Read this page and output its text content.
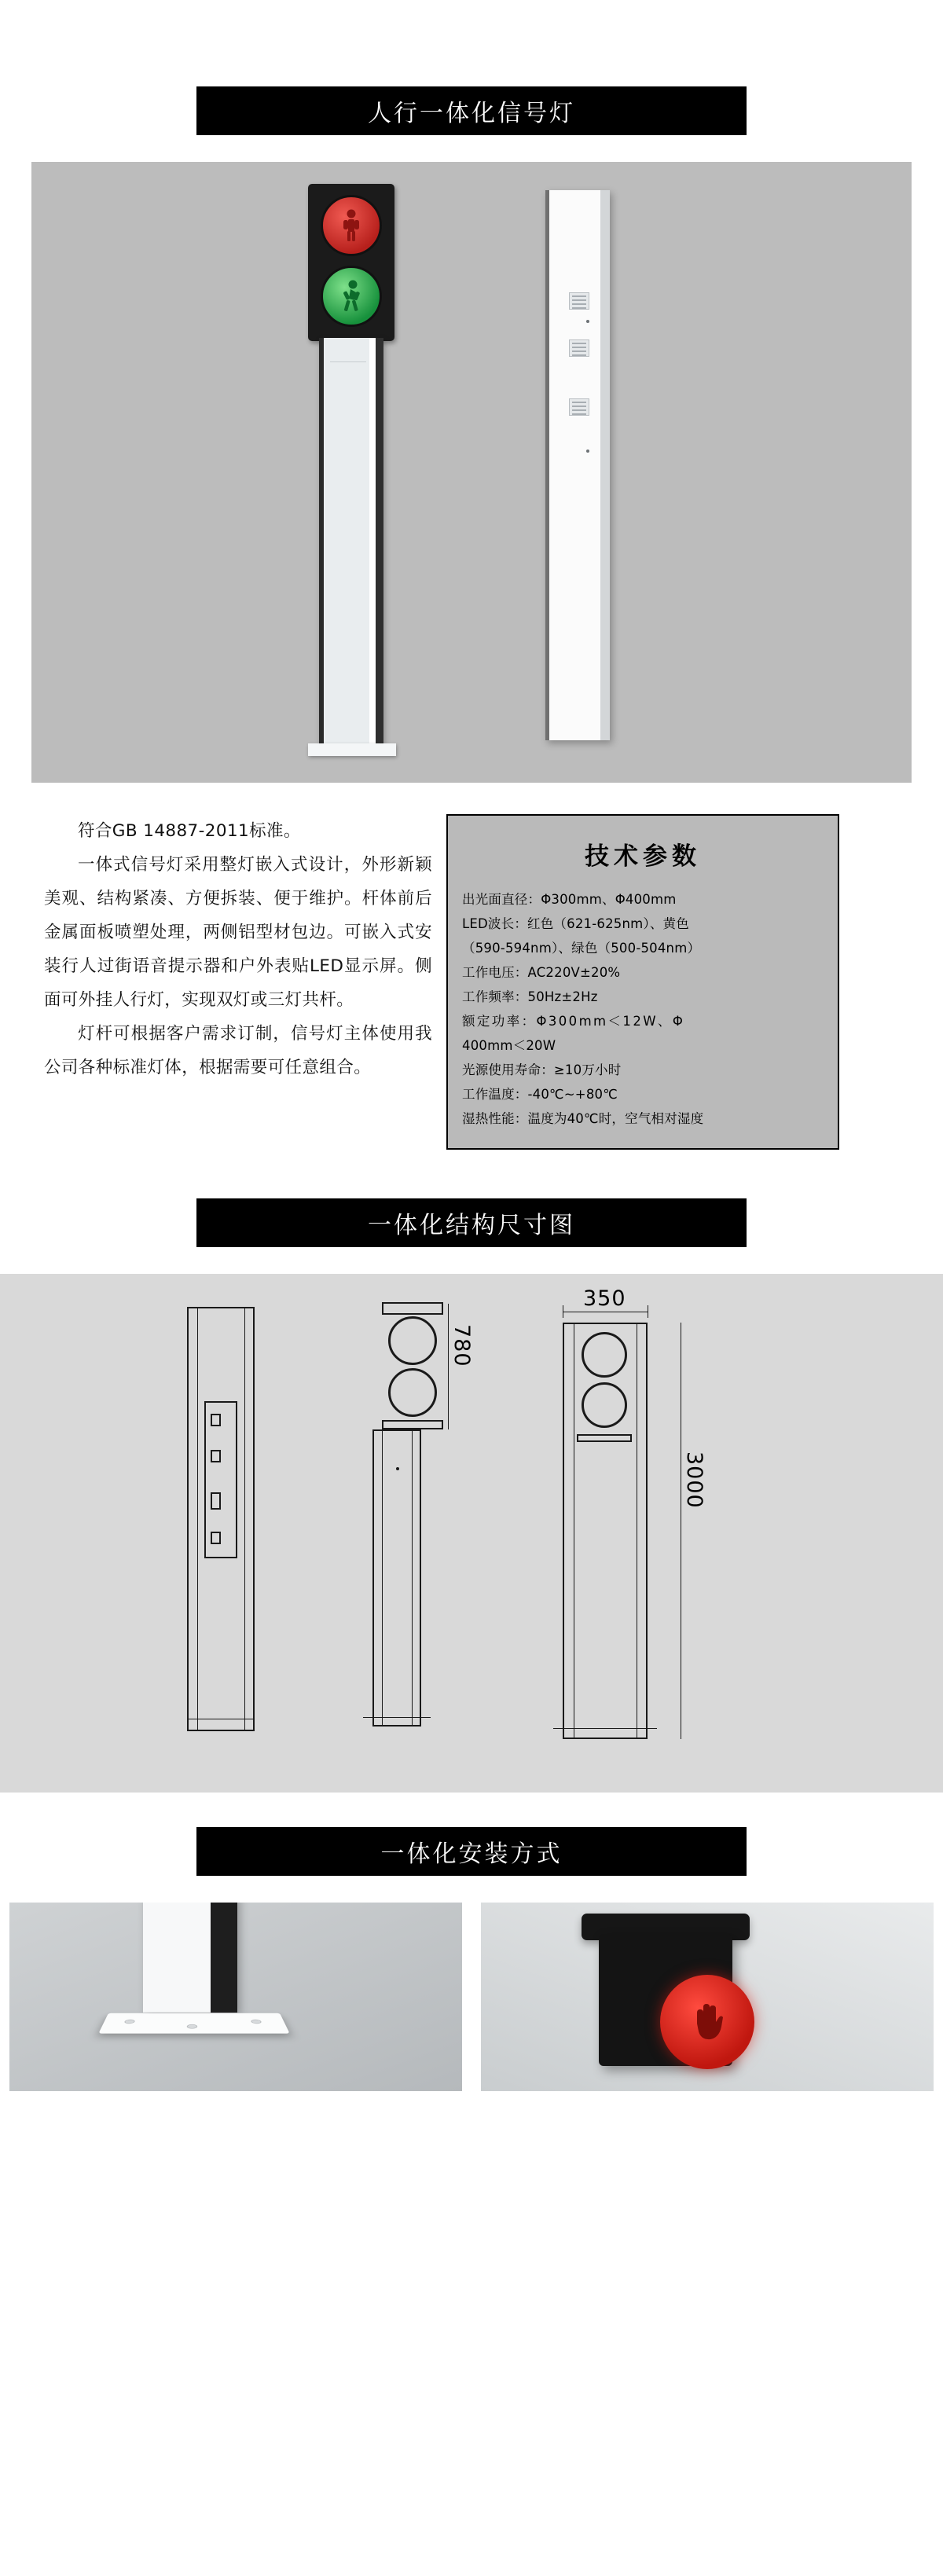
人行一体化信号灯

符合GB 14887-2011标准。

一体式信号灯采用整灯嵌入式设计，外形新颖美观、结构紧凑、方便拆装、便于维护。杆体前后金属面板喷塑处理，两侧铝型材包边。可嵌入式安装行人过街语音提示器和户外表贴LED显示屏。侧面可外挂人行灯，实现双灯或三灯共杆。

灯杆可根据客户需求订制，信号灯主体使用我公司各种标准灯体，根据需要可任意组合。

技术参数
出光面直径：Φ300mm、Φ400mm
LED波长：红色（621-625nm）、黄色
（590-594nm）、绿色（500-504nm）
工作电压：AC220V±20%
工作频率：50Hz±2Hz
额定功率：Φ300mm＜12W、Φ
400mm＜20W
光源使用寿命：≥10万小时
工作温度：-40℃~+80℃
湿热性能：温度为40℃时，空气相对湿度
一体化结构尺寸图
780
350
3000
一体化安装方式
